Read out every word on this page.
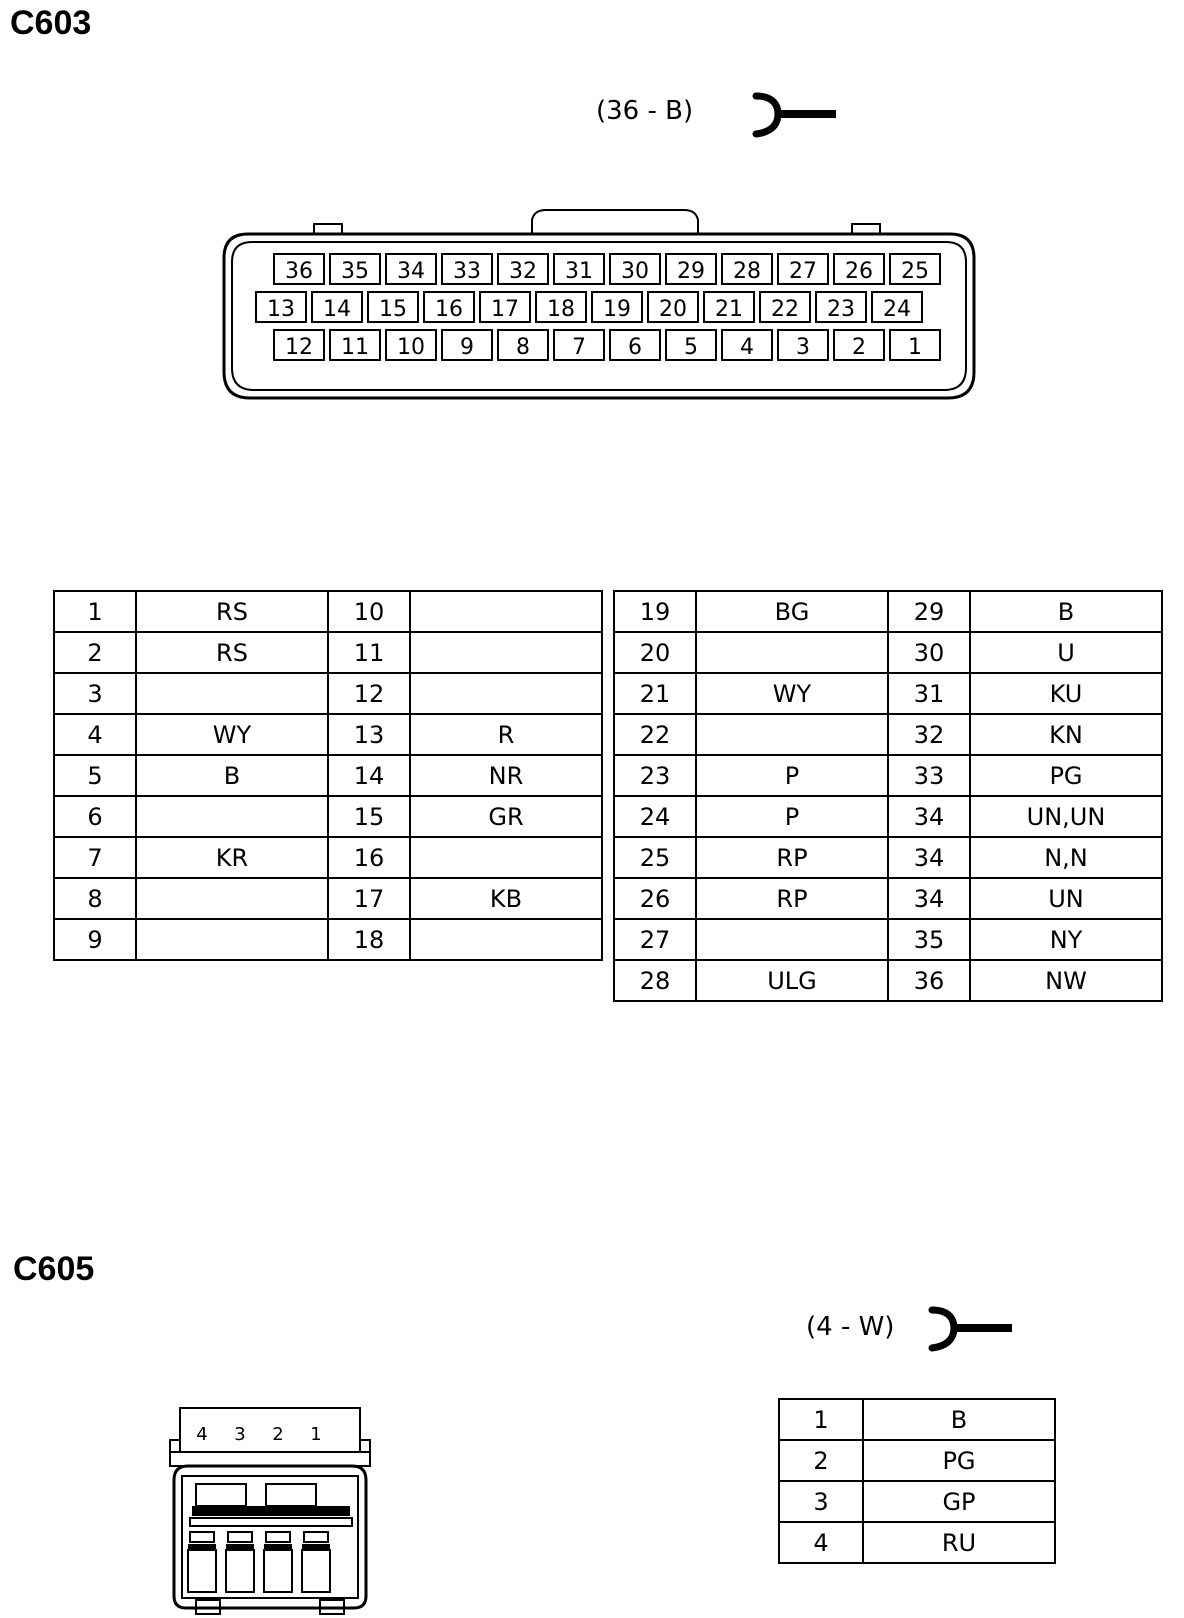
C603
(36 - B)
36 35 34 33 32 31 30 29 28 27 26 25
13 14 15 16 17 18 19 20 21 22 23 24
12 11 10 9 8 7 6 5 4 3 2 1
1	RS	10	
2	RS	11	
3		12	
4	WY	13	R
5	B	14	NR
6		15	GR
7	KR	16	
8		17	KB
9		18	
19	BG	29	B
20		30	U
21	WY	31	KU
22		32	KN
23	P	33	PG
24	P	34	UN,UN
25	RP	34	N,N
26	RP	34	UN
27		35	NY
28	ULG	36	NW
C605
(4 - W)
4 3 2 1
1	B
2	PG
3	GP
4	RU
